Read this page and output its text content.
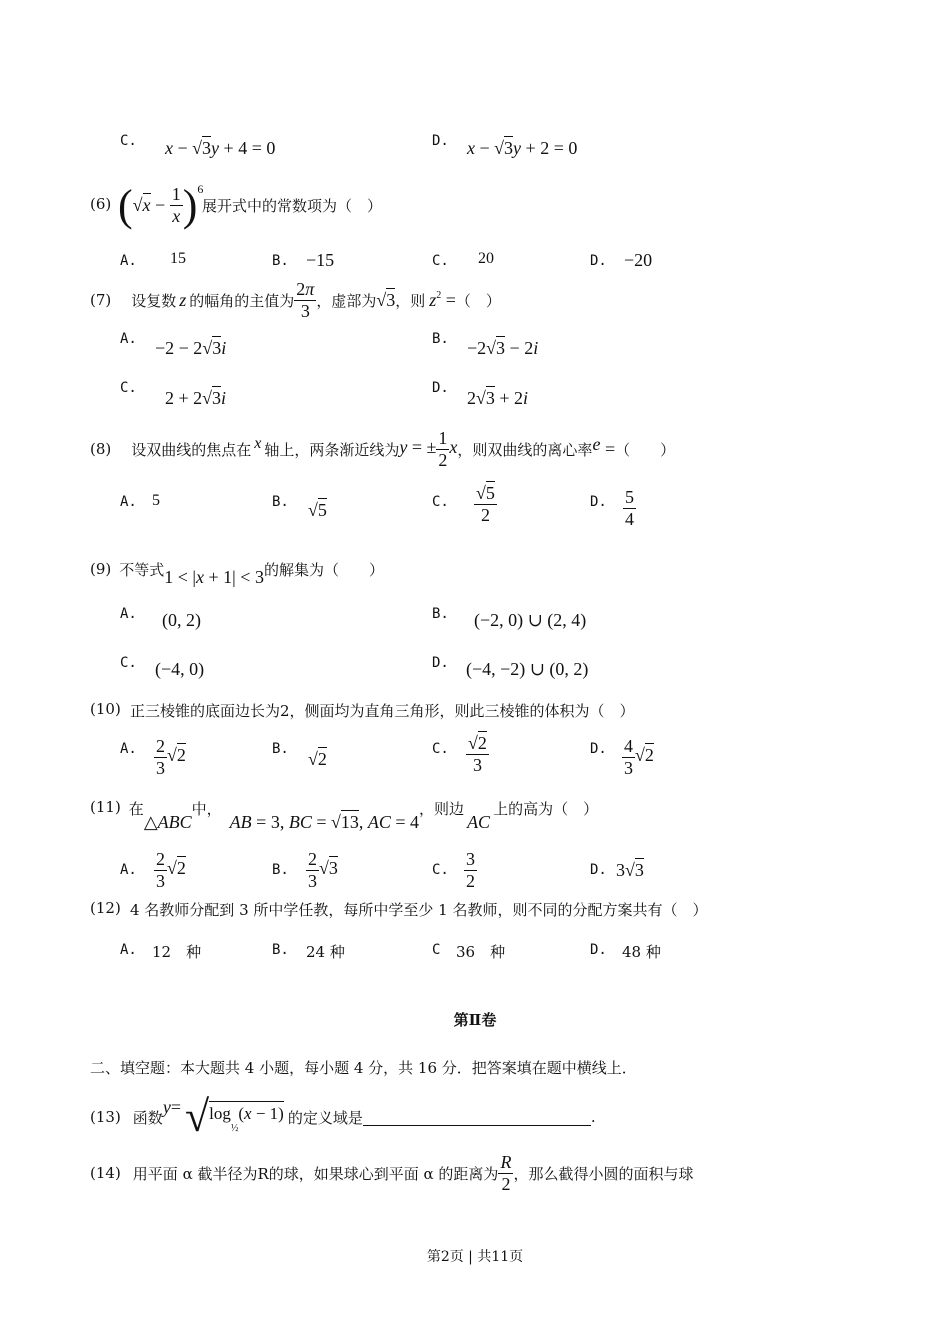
C. x − √3y + 4 = 0	D. x − √3y + 2 = 0
(6) $(√x - \frac{1}{x} )^6$
展开式中的常数项为（　）
A. 15	B. −15	C. 20	D. −20
(7) 设复数 z 的幅角的主值为 $\frac{2\pi}{3}$ ，虚部为 √3 ，则 $z^2$ = （　）
A. −2 − 2√3i	B. −2√3 − 2i
C. 2 + 2√3i	D. 2√3 + 2i
(8) 设双曲线的焦点在 x 轴上，两条渐近线为 y = ± $\frac{1}{2}$ x ，则双曲线的离心率 e = （　　）
A. 5	B. √5	C. $\frac{√5}{2}$	D. $\frac{5}{4}$
(9) 不等式 1 < |x + 1| < 3 的解集为（　　）
A. (0, 2)	B. (−2, 0) ∪ (2, 4)
C. (−4, 0)	D. (−4, −2) ∪ (0, 2)
(10) 正三棱锥的底面边长为2，侧面均为直角三角形，则此三棱锥的体积为（　）
A. $\frac{2}{3} √2$	B. √2	C. $\frac{√2}{3}$	D. $\frac{4}{3} √2$
(11) 在
△ABC
中，
AB = 3, BC = √13, AC = 4
，则边
AC
上的高为（　）
A. $\frac{2}{3} √2$	B. $\frac{2}{3} √3$	C. $\frac{3}{2}$	D. 3√3
(12) 4 名教师分配到 3 所中学任教，每所中学至少 1 名教师，则不同的分配方案共有（　）
A. 12　种	B. 24 种	C 36　种	D. 48 种
第Ⅱ卷
二、填空题：本大题共 4 小题，每小题 4 分，共 16 分．把答案填在题中横线上．
(13) 函数
y = √ $\log_{\frac{1}{2}}(x - 1)$ 的定义域是	.
(14) 用平面 α 截半径为R的球，如果球心到平面 α 的距离为 $\frac{R}{2}$ ，那么截得小圆的面积与球
第2页 | 共11页
